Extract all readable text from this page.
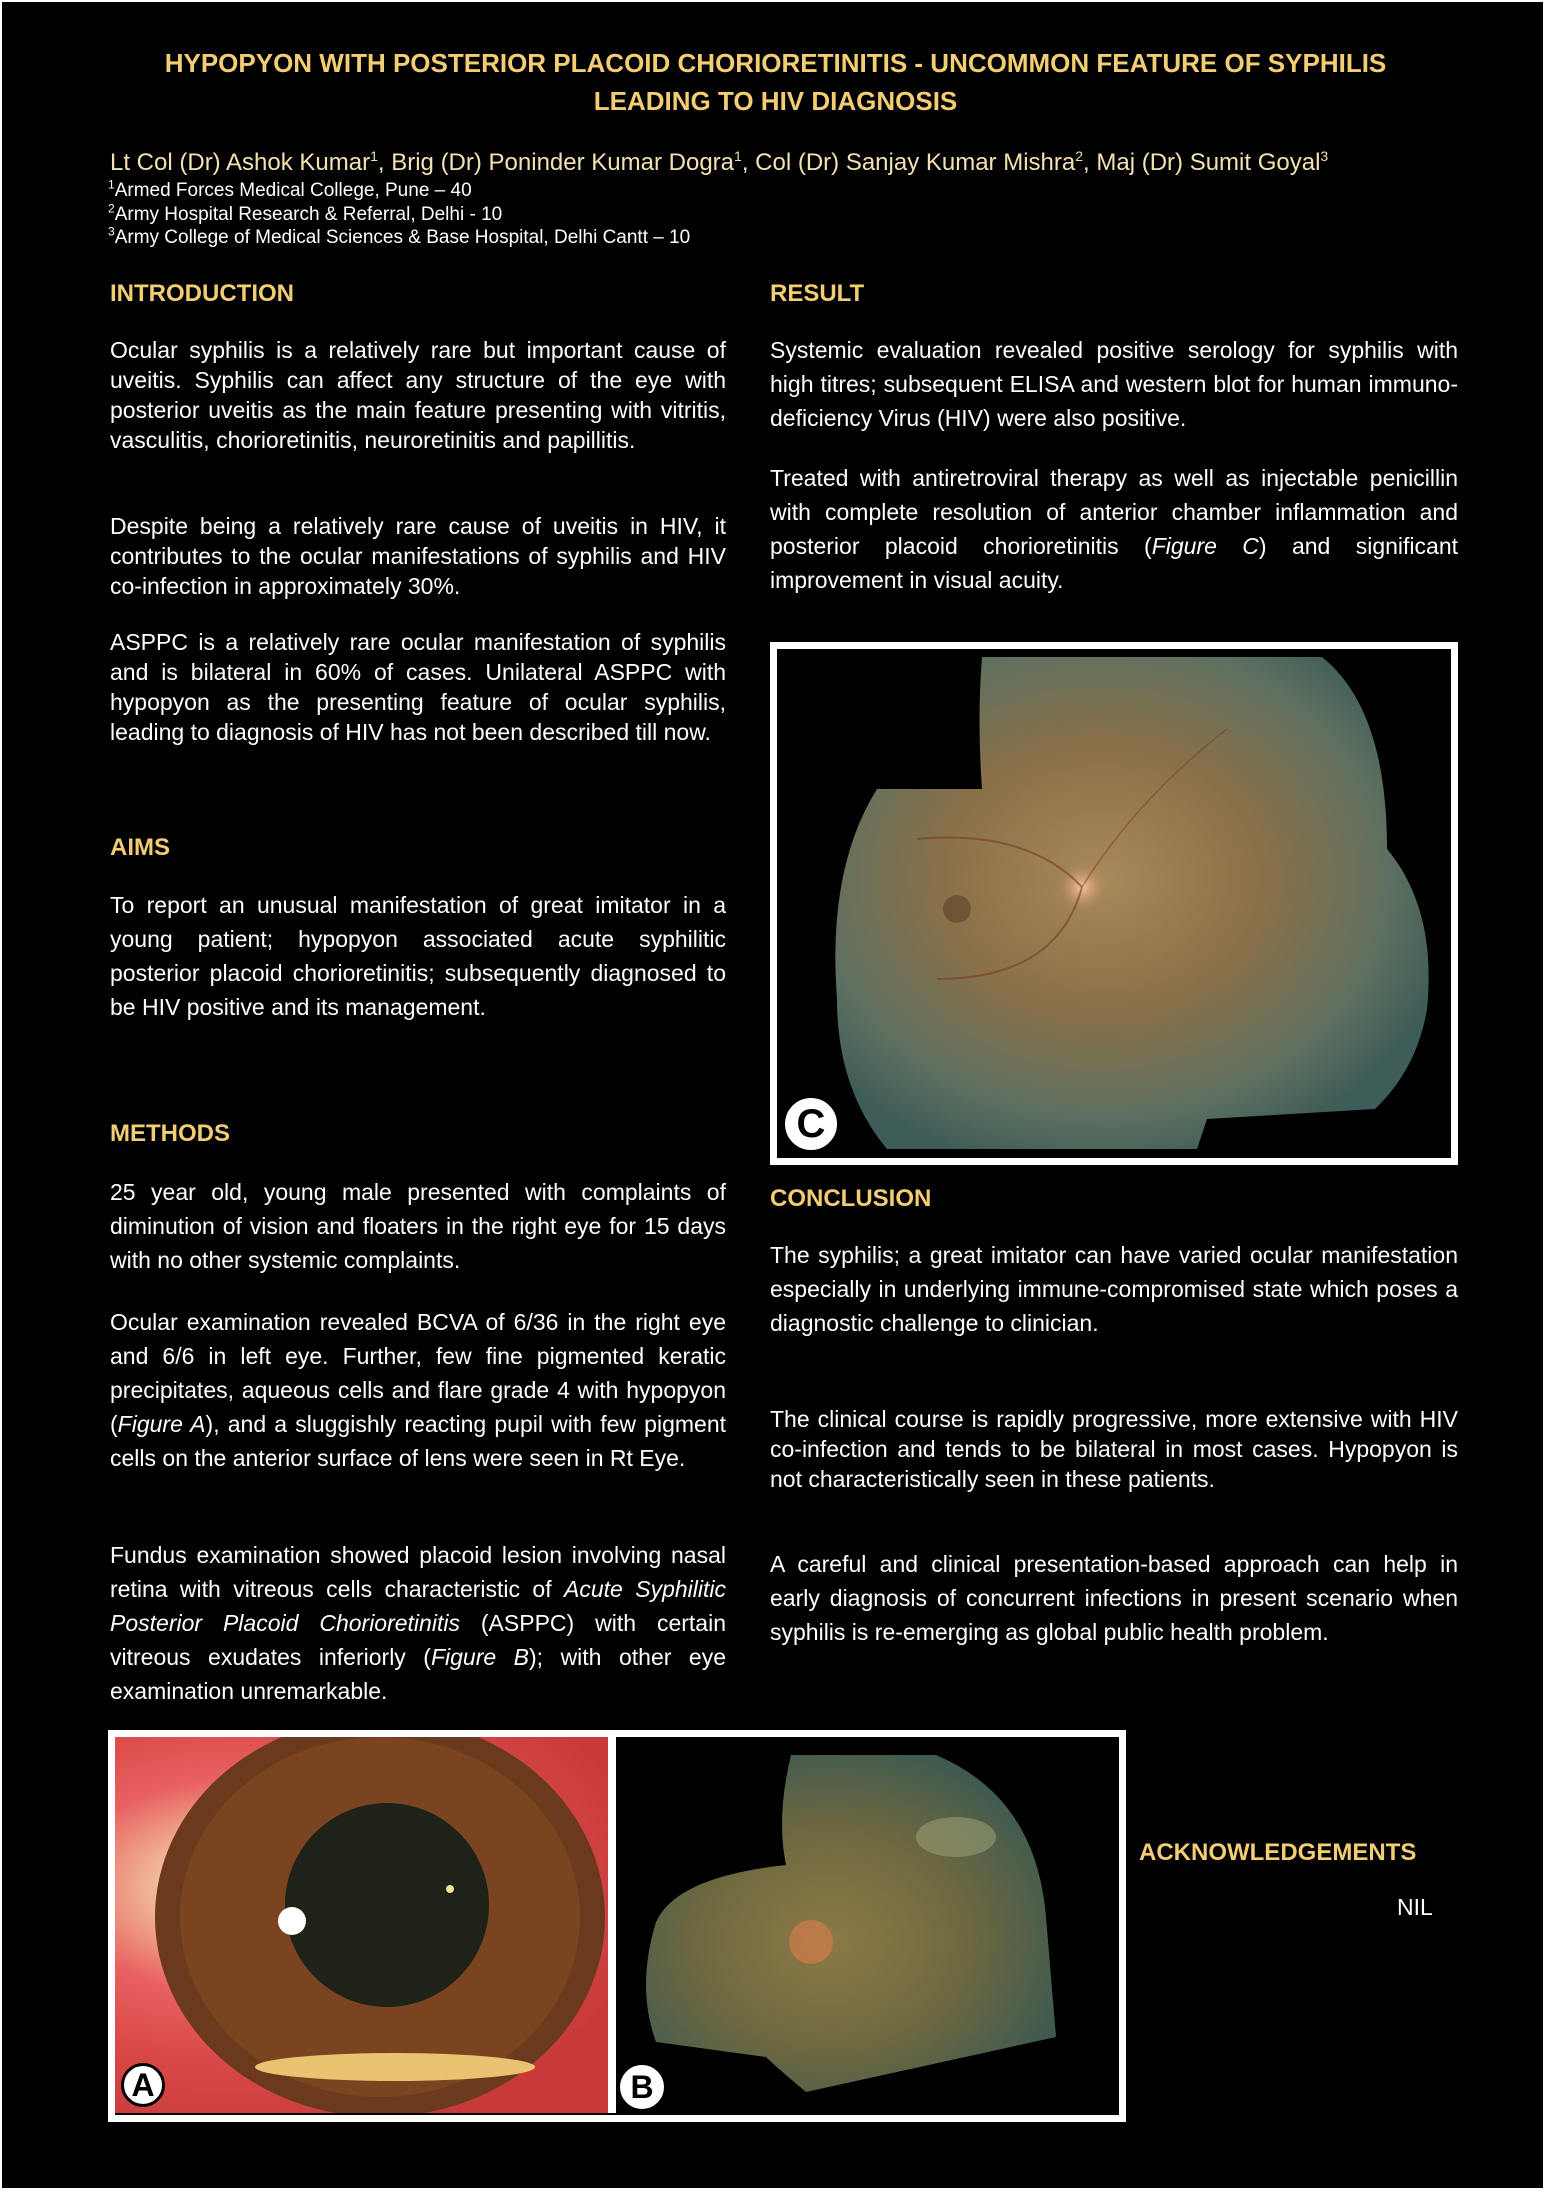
HYPOPYON WITH POSTERIOR PLACOID CHORIORETINITIS - UNCOMMON FEATURE OF SYPHILIS
LEADING TO HIV DIAGNOSIS
Lt Col (Dr) Ashok Kumar$^1$, Brig (Dr) Poninder Kumar Dogra$^1$, Col (Dr) Sanjay Kumar Mishra$^2$, Maj (Dr) Sumit Goyal$^3$
$^1$Armed Forces Medical College, Pune – 40
$^2$Army Hospital Research & Referral, Delhi - 10
$^3$Army College of Medical Sciences & Base Hospital, Delhi Cantt – 10
INTRODUCTION
Ocular syphilis is a relatively rare but important cause of uveitis. Syphilis can affect any structure of the eye with posterior uveitis as the main feature presenting with vitritis, vasculitis, chorioretinitis, neuroretinitis and papillitis.
Despite being a relatively rare cause of uveitis in HIV, it contributes to the ocular manifestations of syphilis and HIV co-infection in approximately 30%.
ASPPC is a relatively rare ocular manifestation of syphilis and is bilateral in 60% of cases. Unilateral ASPPC with hypopyon as the presenting feature of ocular syphilis, leading to diagnosis of HIV has not been described till now.
AIMS
To report an unusual manifestation of great imitator in a young patient; hypopyon associated acute syphilitic posterior placoid chorioretinitis; subsequently diagnosed to be HIV positive and its management.
METHODS
25 year old, young male presented with complaints of diminution of vision and floaters in the right eye for 15 days with no other systemic complaints.
Ocular examination revealed BCVA of 6/36 in the right eye and 6/6 in left eye. Further, few fine pigmented keratic precipitates, aqueous cells and flare grade 4 with hypopyon (Figure A), and a sluggishly reacting pupil with few pigment cells on the anterior surface of lens were seen in Rt Eye.
Fundus examination showed placoid lesion involving nasal retina with vitreous cells characteristic of Acute Syphilitic Posterior Placoid Chorioretinitis (ASPPC) with certain vitreous exudates inferiorly (Figure B); with other eye examination unremarkable.
RESULT
Systemic evaluation revealed positive serology for syphilis with high titres; subsequent ELISA and western blot for human immuno-deficiency Virus (HIV) were also positive.
Treated with antiretroviral therapy as well as injectable penicillin with complete resolution of anterior chamber inflammation and posterior placoid chorioretinitis (Figure C) and significant improvement in visual acuity.
C
CONCLUSION
The syphilis; a great imitator can have varied ocular manifestation especially in underlying immune-compromised state which poses a diagnostic challenge to clinician.
The clinical course is rapidly progressive, more extensive with HIV co-infection and tends to be bilateral in most cases. Hypopyon is not characteristically seen in these patients.
A careful and clinical presentation-based approach can help in early diagnosis of concurrent infections in present scenario when syphilis is re-emerging as global public health problem.
A	B
ACKNOWLEDGEMENTS
NIL
